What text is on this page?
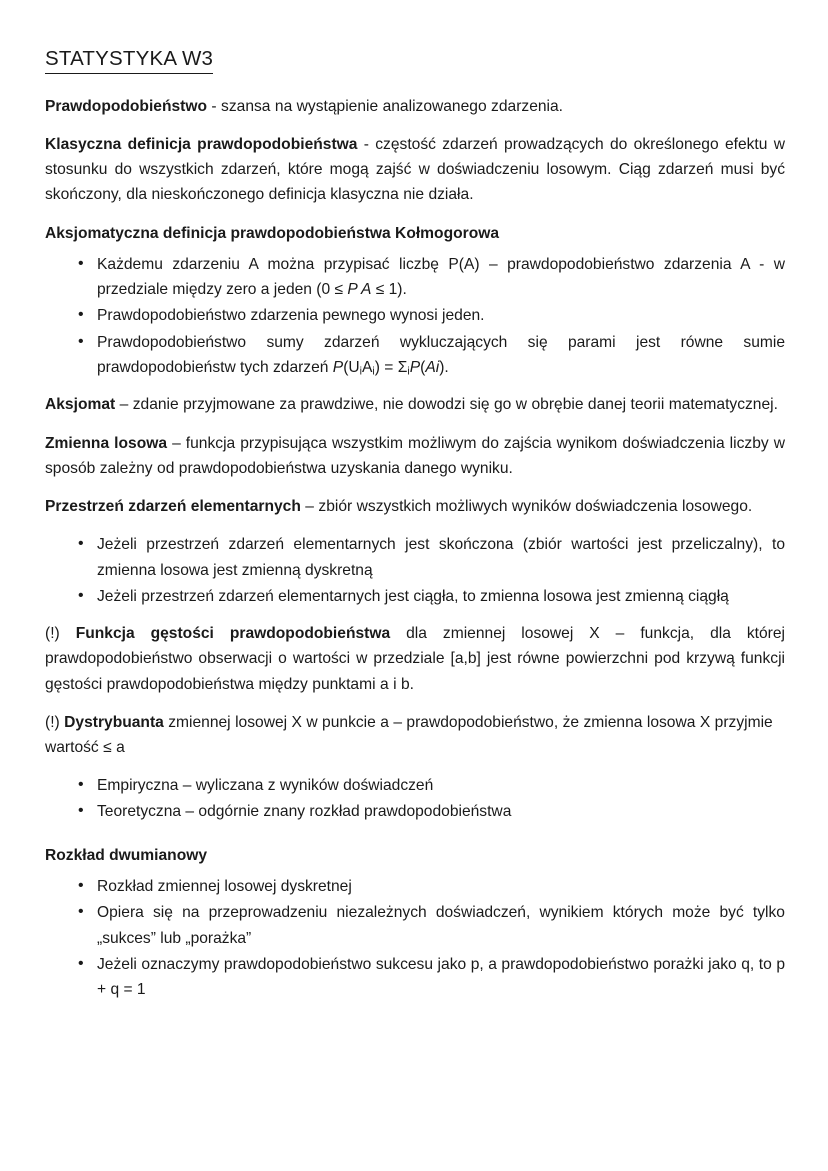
STATYSTYKA W3

Prawdopodobieństwo - szansa na wystąpienie analizowanego zdarzenia.

Klasyczna definicja prawdopodobieństwa - częstość zdarzeń prowadzących do określonego efektu w stosunku do wszystkich zdarzeń, które mogą zajść w doświadczeniu losowym. Ciąg zdarzeń musi być skończony, dla nieskończonego definicja klasyczna nie działa.

Aksjomatyczna definicja prawdopodobieństwa Kołmogorowa

• Każdemu zdarzeniu A można przypisać liczbę P(A) – prawdopodobieństwo zdarzenia A - w przedziale między zero a jeden (0 ≤ P A ≤ 1).
• Prawdopodobieństwo zdarzenia pewnego wynosi jeden.
• Prawdopodobieństwo sumy zdarzeń wykluczających się parami jest równe sumie prawdopodobieństw tych zdarzeń $P(U_iA_i) = \Sigma_iP(Ai)$.

Aksjomat – zdanie przyjmowane za prawdziwe, nie dowodzi się go w obrębie danej teorii matematycznej.

Zmienna losowa – funkcja przypisująca wszystkim możliwym do zajścia wynikom doświadczenia liczby w sposób zależny od prawdopodobieństwa uzyskania danego wyniku.

Przestrzeń zdarzeń elementarnych – zbiór wszystkich możliwych wyników doświadczenia losowego.

• Jeżeli przestrzeń zdarzeń elementarnych jest skończona (zbiór wartości jest przeliczalny), to zmienna losowa jest zmienną dyskretną
• Jeżeli przestrzeń zdarzeń elementarnych jest ciągła, to zmienna losowa jest zmienną ciągłą

(!) Funkcja gęstości prawdopodobieństwa dla zmiennej losowej X – funkcja, dla której prawdopodobieństwo obserwacji o wartości w przedziale [a,b] jest równe powierzchni pod krzywą funkcji gęstości prawdopodobieństwa między punktami a i b.

(!) Dystrybuanta zmiennej losowej X w punkcie a – prawdopodobieństwo, że zmienna losowa X przyjmie wartość ≤ a

• Empiryczna – wyliczana z wyników doświadczeń
• Teoretyczna – odgórnie znany rozkład prawdopodobieństwa

Rozkład dwumianowy

• Rozkład zmiennej losowej dyskretnej
• Opiera się na przeprowadzeniu niezależnych doświadczeń, wynikiem których może być tylko „sukces” lub „porażka”
• Jeżeli oznaczymy prawdopodobieństwo sukcesu jako p, a prawdopodobieństwo porażki jako q, to p + q = 1
